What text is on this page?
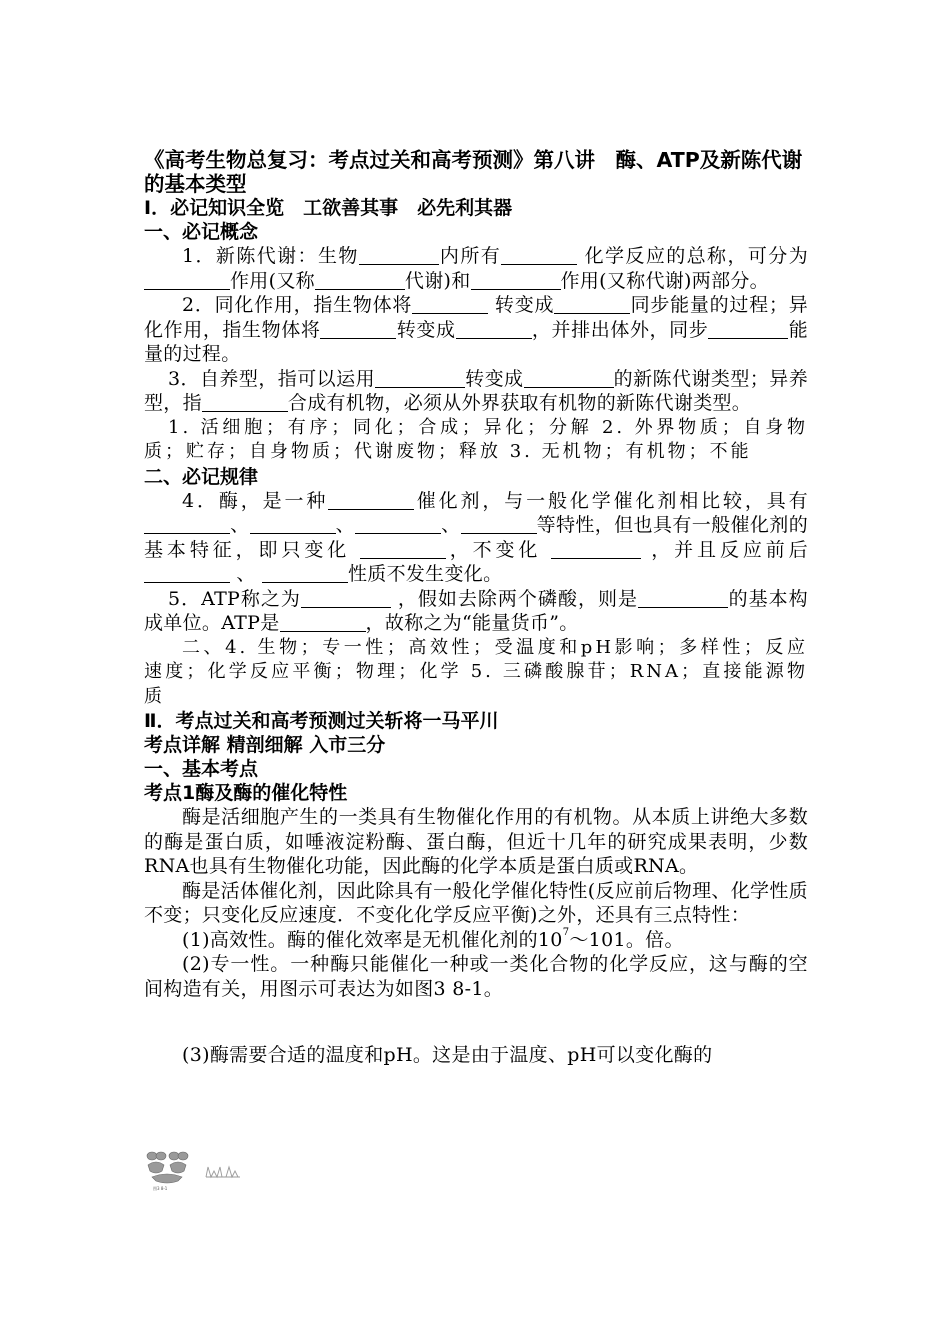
《高考生物总复习：考点过关和高考预测》第八讲　酶、ATP及新陈代谢的基本类型

Ⅰ．必记知识全览　工欲善其事　必先利其器

一、必记概念

1．新陈代谢：生物	内所有	化学反应的总称，可分为作用(又称	代谢)和	作用(又称代谢)两部分。

2．同化作用，指生物体将	转变成	同步能量的过程；异化作用，指生物体将	转变成	，并排出体外，同步	能量的过程。

3．自养型，指可以运用	转变成	的新陈代谢类型；异养型，指	合成有机物，必须从外界获取有机物的新陈代谢类型。

1. 活细胞；有序；同化；合成；异化；分解 2. 外界物质；自身物质；贮存；自身物质；代谢废物；释放 3. 无机物；有机物；不能

二、必记规律

4．酶，是一种	催化剂，与一般化学催化剂相比较，具有、	、	、	等特性，但也具有一般催化剂的基本特征，即只变化	，不变化	，并且反应前后 、	性质不发生变化。

5．ATP称之为	，假如去除两个磷酸，则是	的基本构成单位。ATP是	，故称之为“能量货币”。

二、4. 生物；专一性；高效性；受温度和pH影响；多样性；反应速度；化学反应平衡；物理；化学 5. 三磷酸腺苷；RNA；直接能源物质

Ⅱ．考点过关和高考预测过关斩将一马平川

考点详解 精剖细解 入市三分

一、基本考点

考点1酶及酶的催化特性

酶是活细胞产生的一类具有生物催化作用的有机物。从本质上讲绝大多数的酶是蛋白质，如唾液淀粉酶、蛋白酶，但近十几年的研究成果表明，少数RNA也具有生物催化功能，因此酶的化学本质是蛋白质或RNA。

酶是活体催化剂，因此除具有一般化学催化特性(反应前后物理、化学性质不变；只变化反应速度．不变化化学反应平衡)之外，还具有三点特性：

(1)高效性。酶的催化效率是无机催化剂的$10^7\sim 101$。倍。

(2)专一性。一种酶只能催化一种或一类化合物的化学反应，这与酶的空间构造有关，用图示可表达为如图3 8-1。

(3)酶需要合适的温度和pH。这是由于温度、pH可以变化酶的

图3 8-1
